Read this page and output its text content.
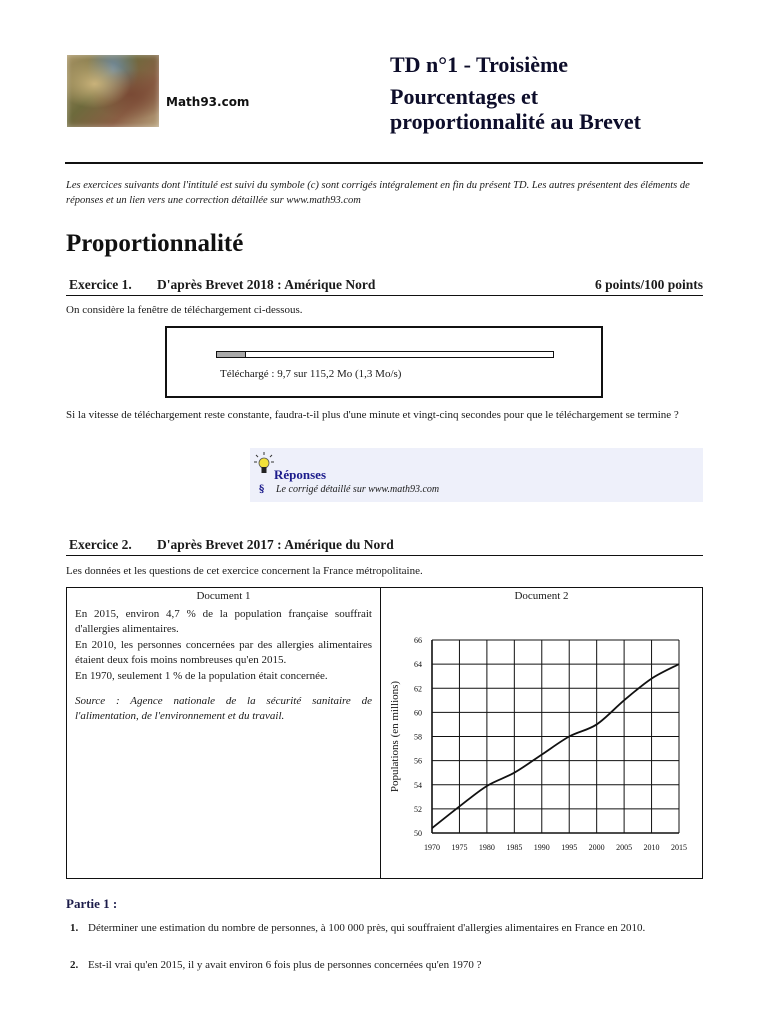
Math93.com
TD n°1 - Troisième
Pourcentages et
proportionnalité au Brevet
Les exercices suivants dont l'intitulé est suivi du symbole (c) sont corrigés intégralement en fin du présent TD. Les autres présentent des éléments de réponses et un lien vers une correction détaillée sur www.math93.com
Proportionnalité
Exercice 1.	D'après Brevet 2018 : Amérique Nord	6 points/100 points
On considère la fenêtre de téléchargement ci-dessous.
Téléchargé : 9,7 sur 115,2 Mo (1,3 Mo/s)
Si la vitesse de téléchargement reste constante, faudra-t-il plus d'une minute et vingt-cinq secondes pour que le téléchargement se termine ?
Réponses
§ Le corrigé détaillé sur www.math93.com
Exercice 2.	D'après Brevet 2017 : Amérique du Nord
Les données et les questions de cet exercice concernent la France métropolitaine.
Document 1
En 2015, environ 4,7 % de la population française souffrait d'allergies alimentaires.
En 2010, les personnes concernées par des allergies alimentaires étaient deux fois moins nombreuses qu'en 2015.
En 1970, seulement 1 % de la population était concernée.
Source : Agence nationale de la sécurité sanitaire de l'alimentation, de l'environnement et du travail.
Document 2
50
52
54
56
58
60
62
64
66
1970 1975 1980 1985 1990 1995 2000 2005 2010 2015
Populations (en millions)
Partie 1 :
1. Déterminer une estimation du nombre de personnes, à 100 000 près, qui souffraient d'allergies alimentaires en France en 2010.
2. Est-il vrai qu'en 2015, il y avait environ 6 fois plus de personnes concernées qu'en 1970 ?
